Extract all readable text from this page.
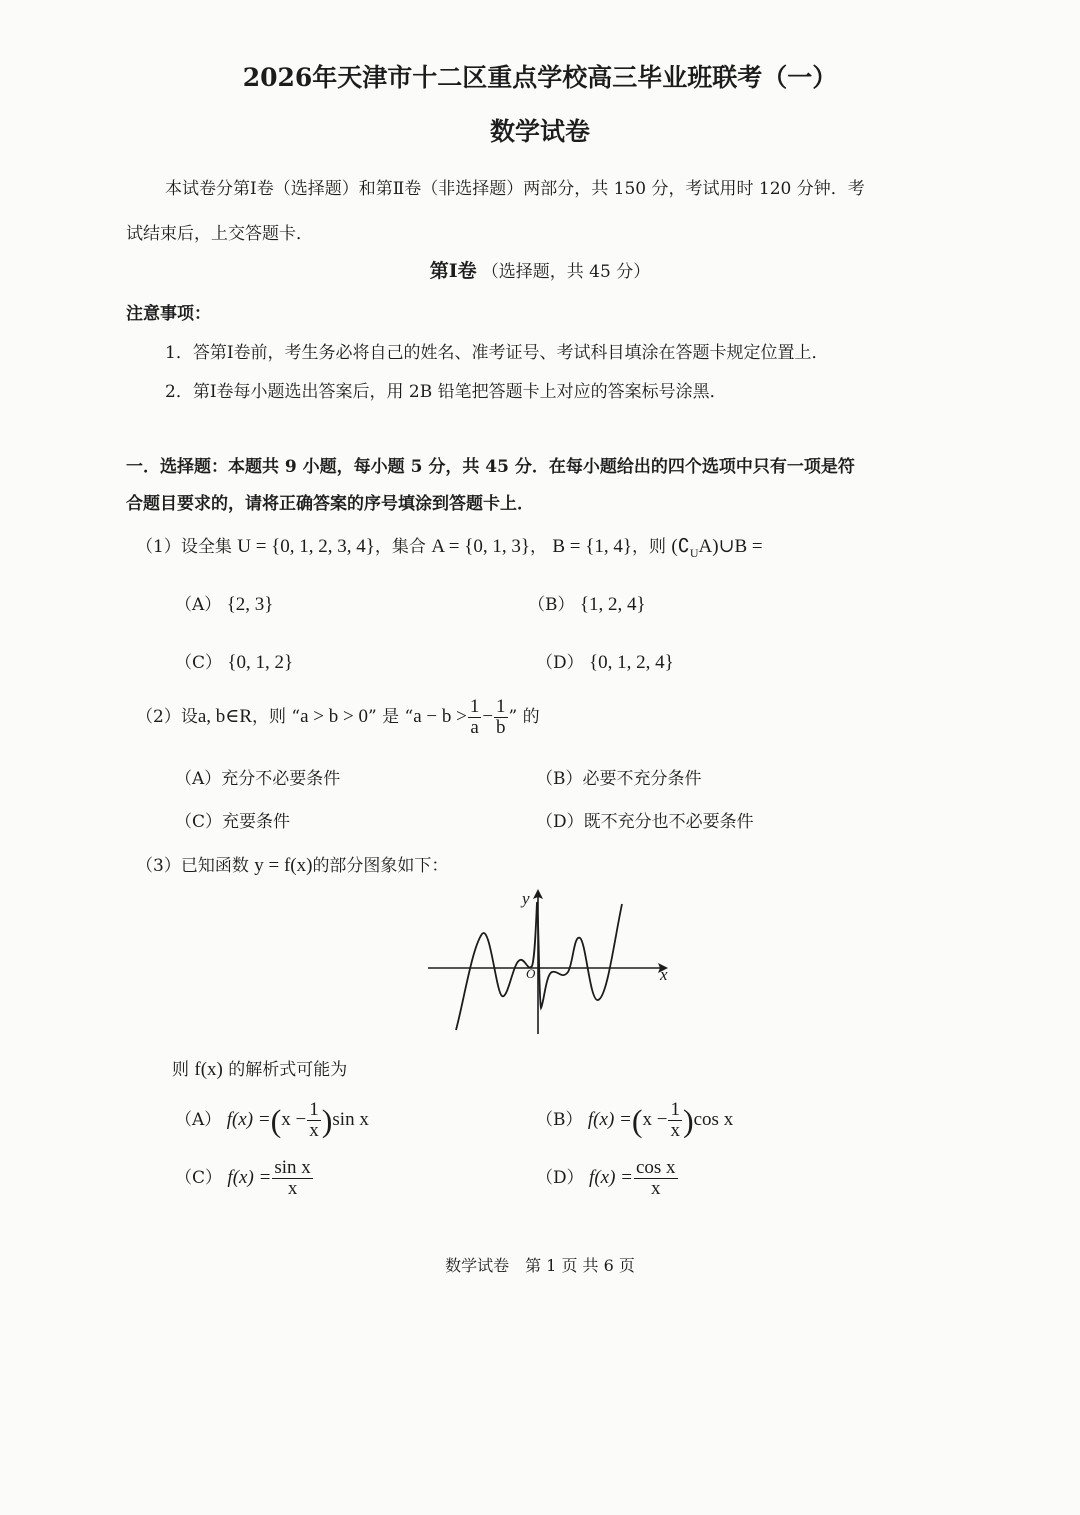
2026年天津市十二区重点学校高三毕业班联考（一）
数学试卷
本试卷分第Ⅰ卷（选择题）和第Ⅱ卷（非选择题）两部分，共 150 分，考试用时 120 分钟．考
试结束后，上交答题卡．
第Ⅰ卷 （选择题，共 45 分）
注意事项：
1．答第Ⅰ卷前，考生务必将自己的姓名、准考证号、考试科目填涂在答题卡规定位置上．
2．第Ⅰ卷每小题选出答案后，用 2B 铅笔把答题卡上对应的答案标号涂黑．
一．选择题：本题共 9 小题，每小题 5 分，共 45 分．在每小题给出的四个选项中只有一项是符
合题目要求的，请将正确答案的序号填涂到答题卡上．
（1）设全集 U = {0, 1, 2, 3, 4}，集合 A = {0, 1, 3}， B = {1, 4}，则 $(∁_UA)\cup B$ =
（A） {2, 3}	（B） {1, 2, 4}
（C） {0, 1, 2}	（D） {0, 1, 2, 4}
（2）设a, b∈R，则 “a > b > 0” 是 “$a - b > \frac{1}{a} - \frac{1}{b}$ ” 的
（A）充分不必要条件	（B）必要不充分条件
（C）充要条件	（D）既不充分也不必要条件
（3）已知函数 y = f(x)的部分图象如下：
y
x
O
则 f(x) 的解析式可能为
（A） $f(x) =(x - \frac{1}{x} )\sin$ x	（B） $f(x) =(x - \frac{1}{x} )\cos$ x
（C） $f(x) = \frac{\text{sin x}}{x}$	（D） $f(x) = \frac{\text{cos x}}{x}$
数学试卷　第 1 页 共 6 页
